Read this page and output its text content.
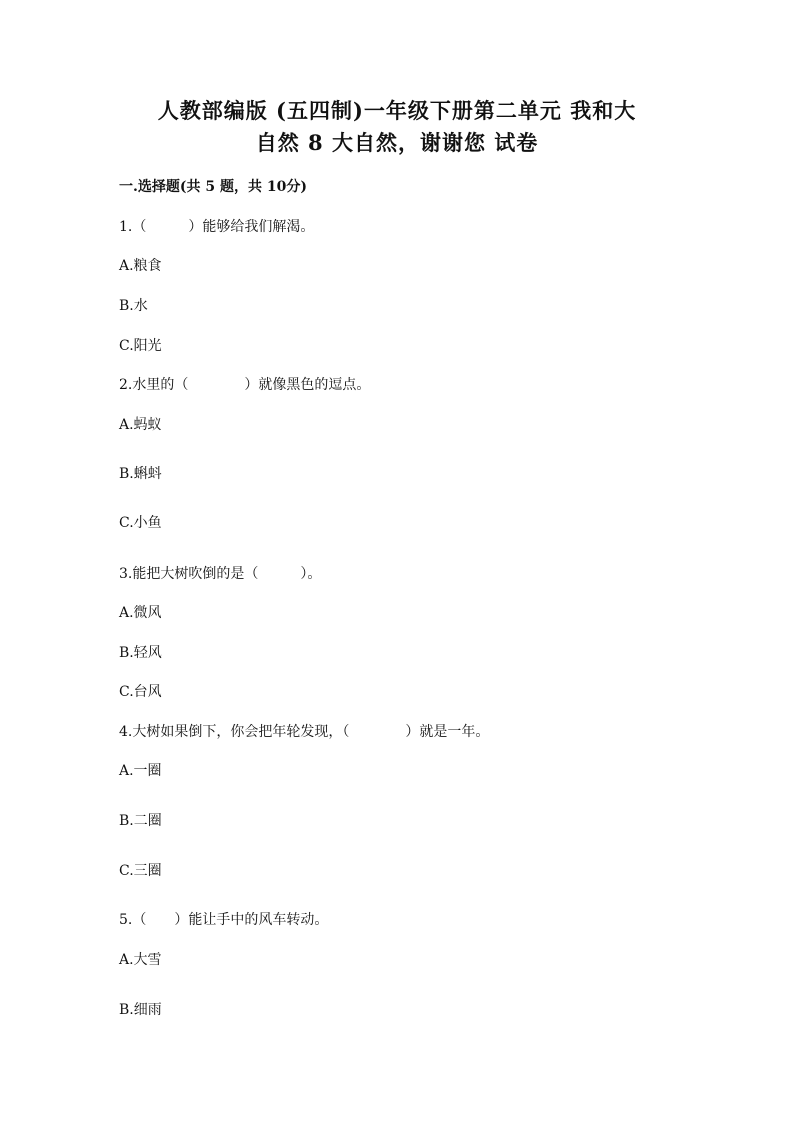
人教部编版 (五四制)一年级下册第二单元 我和大
自然 8 大自然，谢谢您 试卷

一.选择题(共 5 题，共 10分)

1.（　　　）能够给我们解渴。

A.粮食

B.水

C.阳光

2.水里的（　　　　）就像黑色的逗点。

A.蚂蚁

B.蝌蚪

C.小鱼

3.能把大树吹倒的是（　　　）。

A.微风

B.轻风

C.台风

4.大树如果倒下，你会把年轮发现，（　　　　）就是一年。

A.一圈

B.二圈

C.三圈

5.（　　）能让手中的风车转动。

A.大雪

B.细雨
